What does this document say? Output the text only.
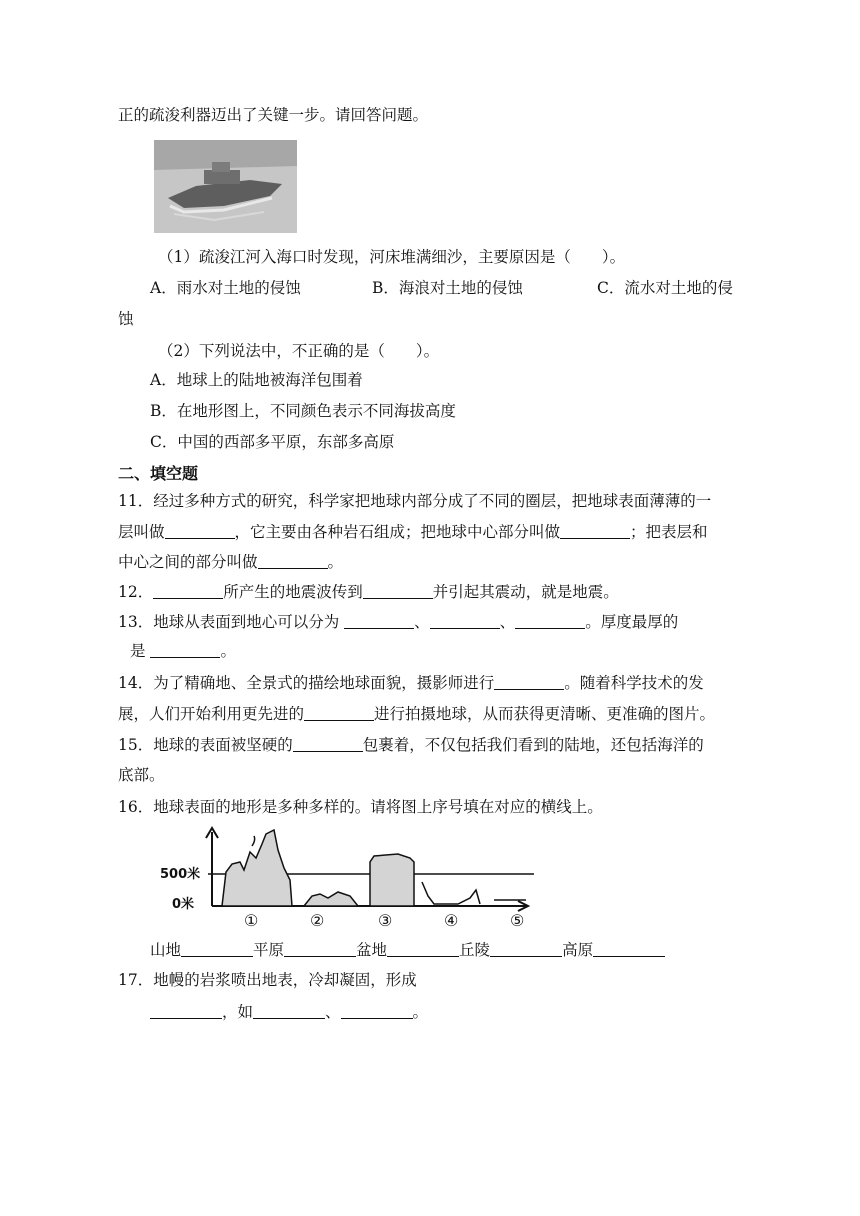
正的疏浚利器迈出了关键一步。请回答问题。
（1）疏浚江河入海口时发现，河床堆满细沙，主要原因是（　　）。
A．雨水对土地的侵蚀	B．海浪对土地的侵蚀	C．流水对土地的侵
蚀
（2）下列说法中，不正确的是（　　）。
A．地球上的陆地被海洋包围着
B．在地形图上，不同颜色表示不同海拔高度
C．中国的西部多平原，东部多高原
二、填空题
11．经过多种方式的研究，科学家把地球内部分成了不同的圈层，把地球表面薄薄的一
层叫做	，它主要由各种岩石组成；把地球中心部分叫做	；把表层和
中心之间的部分叫做	。
12．	所产生的地震波传到	并引起其震动，就是地震。
13．地球从表面到地心可以分为	、	、	。厚度最厚的
是	。
14．为了精确地、全景式的描绘地球面貌，摄影师进行	。随着科学技术的发
展，人们开始利用更先进的	进行拍摄地球，从而获得更清晰、更准确的图片。
15．地球的表面被坚硬的	包裹着，不仅包括我们看到的陆地，还包括海洋的
底部。
16．地球表面的地形是多种多样的。请将图上序号填在对应的横线上。
500米
0米
①	②	③	④	⑤
山地	平原	盆地	丘陵	高原
17．地幔的岩浆喷出地表，冷却凝固，形成
，如	、	。
